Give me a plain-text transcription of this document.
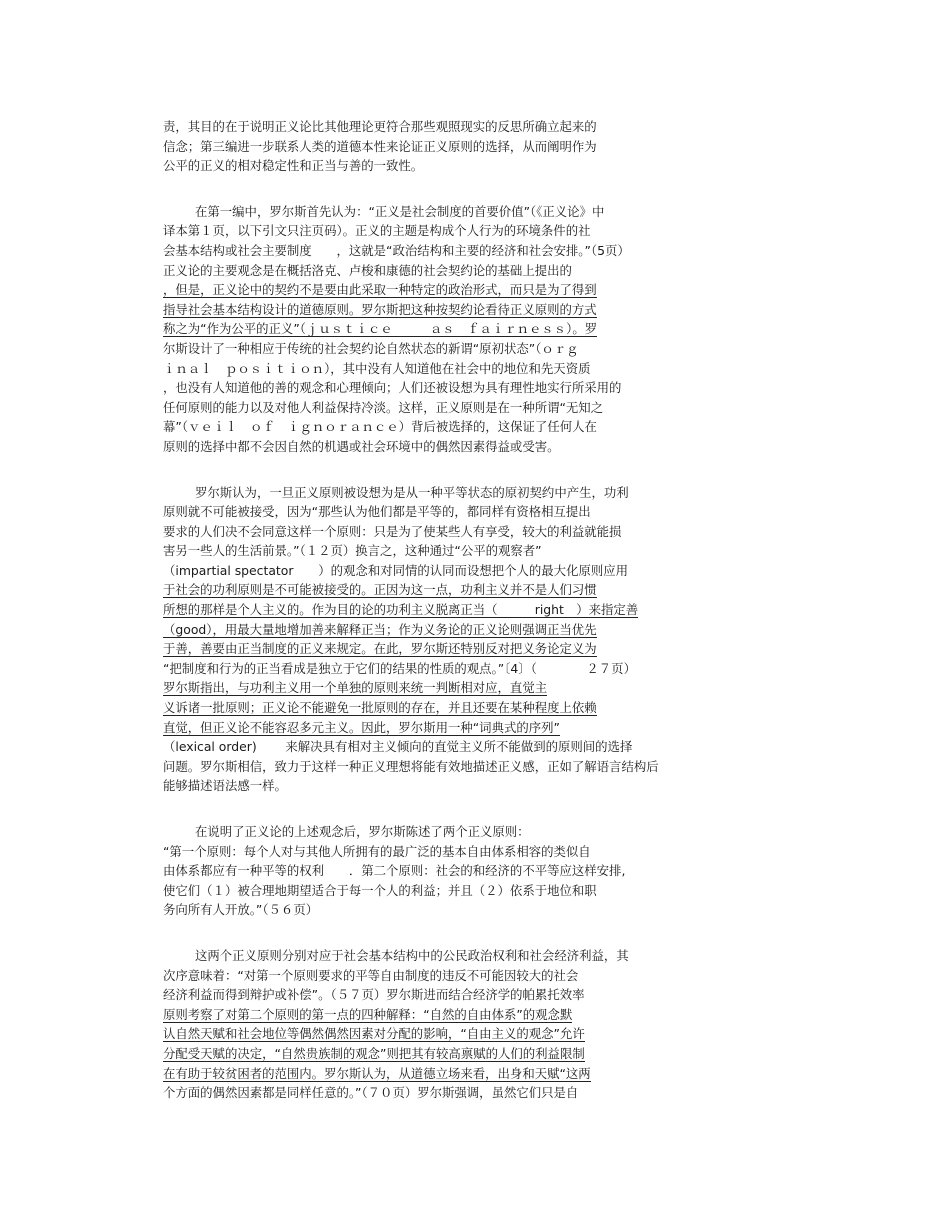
责，其目的在于说明正义论比其他理论更符合那些观照现实的反思所确立起来的
信念；第三编进一步联系人类的道德本性来论证正义原则的选择，从而阐明作为
公平的正义的相对稳定性和正当与善的一致性。
在第一编中，罗尔斯首先认为：“正义是社会制度的首要价值”（《正义论》中
译本第１页，以下引文只注页码）。正义的主题是构成个人行为的环境条件的社
会基本结构或社会主要制度　　，这就是“政治结构和主要的经济和社会安排。”（5页）
正义论的主要观念是在概括洛克、卢梭和康德的社会契约论的基础上提出的
，但是，正义论中的契约不是要由此采取一种特定的政治形式，而只是为了得到
指导社会基本结构设计的道德原则。罗尔斯把这种按契约论看待正义原则的方式
称之为“作为公平的正义”（ｊｕｓｔｉｃｅ　　　ａｓ　ｆａｉｒｎｅｓｓ）。罗
尔斯设计了一种相应于传统的社会契约论自然状态的新谓“原初状态”（ｏｒｇ
ｉｎａｌ　ｐｏｓｉｔｉｏｎ），其中没有人知道他在社会中的地位和先天资质
，也没有人知道他的善的观念和心理倾向；人们还被设想为具有理性地实行所采用的
任何原则的能力以及对他人利益保持冷淡。这样，正义原则是在一种所谓“无知之
幕”（ｖｅｉｌ　ｏｆ　ｉｇｎｏｒａｎｃｅ）背后被选择的，这保证了任何人在
原则的选择中都不会因自然的机遇或社会环境中的偶然因素得益或受害。
罗尔斯认为，一旦正义原则被设想为是从一种平等状态的原初契约中产生，功利
原则就不可能被接受，因为“那些认为他们都是平等的，都同样有资格相互提出
要求的人们决不会同意这样一个原则：只是为了使某些人有享受，较大的利益就能损
害另一些人的生活前景。”（１２页）换言之，这种通过“公平的观察者”
（impartial spectator　　）的观念和对同情的认同而设想把个人的最大化原则应用
于社会的功利原则是不可能被接受的。正因为这一点，功利主义并不是人们习惯
所想的那样是个人主义的。作为目的论的功利主义脱离正当（　　　right　）来指定善
（good），用最大量地增加善来解释正当；作为义务论的正义论则强调正当优先
于善，善要由正当制度的正义来规定。在此，罗尔斯还特别反对把义务论定义为
“把制度和行为的正当看成是独立于它们的结果的性质的观点。”〔4〕（　　　　２７页）
罗尔斯指出，与功利主义用一个单独的原则来统一判断相对应，直觉主
义诉诸一批原则；正义论不能避免一批原则的存在，并且还要在某种程度上依赖
直觉，但正义论不能容忍多元主义。因此，罗尔斯用一种“词典式的序列”
（lexical order)　　 来解决具有相对主义倾向的直觉主义所不能做到的原则间的选择
问题。罗尔斯相信，致力于这样一种正义理想将能有效地描述正义感，正如了解语言结构后
能够描述语法感一样。
在说明了正义论的上述观念后，罗尔斯陈述了两个正义原则：
“第一个原则：每个人对与其他人所拥有的最广泛的基本自由体系相容的类似自
由体系都应有一种平等的权利　　．第二个原则：社会的和经济的不平等应这样安排,
使它们（１）被合理地期望适合于每一个人的利益；并且（２）依系于地位和职
务向所有人开放。”（５６页）
这两个正义原则分别对应于社会基本结构中的公民政治权利和社会经济利益，其
次序意味着：“对第一个原则要求的平等自由制度的违反不可能因较大的社会
经济利益而得到辩护或补偿”。（５７页）罗尔斯进而结合经济学的帕累托效率
原则考察了对第二个原则的第一点的四种解释：“自然的自由体系”的观念默
认自然天赋和社会地位等偶然偶然因素对分配的影响，“自由主义的观念”允许
分配受天赋的决定，“自然贵族制的观念”则把其有较高禀赋的人们的利益限制
在有助于较贫困者的范围内。罗尔斯认为，从道德立场来看，出身和天赋“这两
个方面的偶然因素都是同样任意的。”（７０页）罗尔斯强调，虽然它们只是自
